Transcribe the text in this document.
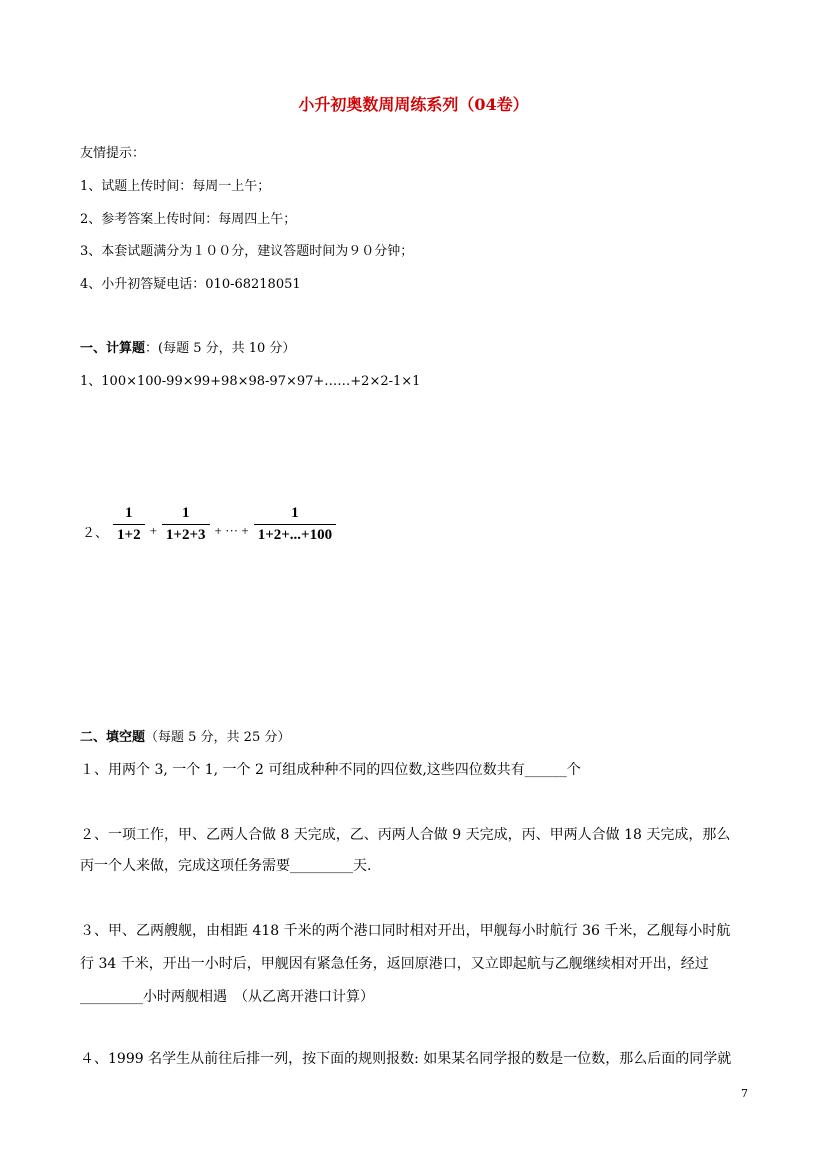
小升初奥数周周练系列（04卷）
友情提示：
1、试题上传时间：每周一上午；
2、参考答案上传时间：每周四上午；
3、本套试题满分为１００分，建议答题时间为９０分钟；
4、小升初答疑电话：010-68218051
一、计算题：(每题 5 分，共 10 分）
1、100×100-99×99+98×98-97×97+……+2×2-1×1
２、 $\frac{1}{1+2} + \frac{1}{1+2+3}$ + ··· + $\frac{1}{1+2+...+100}$
二、填空题（每题 5 分，共 25 分）
１、用两个 3, 一个 1, 一个 2 可组成种种不同的四位数,这些四位数共有______个
２、一项工作，甲、乙两人合做 8 天完成，乙、丙两人合做 9 天完成，丙、甲两人合做 18 天完成，那么
丙一个人来做，完成这项任务需要_________天.
３、甲、乙两艘舰，由相距 418 千米的两个港口同时相对开出，甲舰每小时航行 36 千米，乙舰每小时航
行 34 千米，开出一小时后，甲舰因有紧急任务，返回原港口，又立即起航与乙舰继续相对开出，经过
_________小时两舰相遇　（从乙离开港口计算）
４、1999 名学生从前往后排一列，按下面的规则报数: 如果某名同学报的数是一位数，那么后面的同学就
7
